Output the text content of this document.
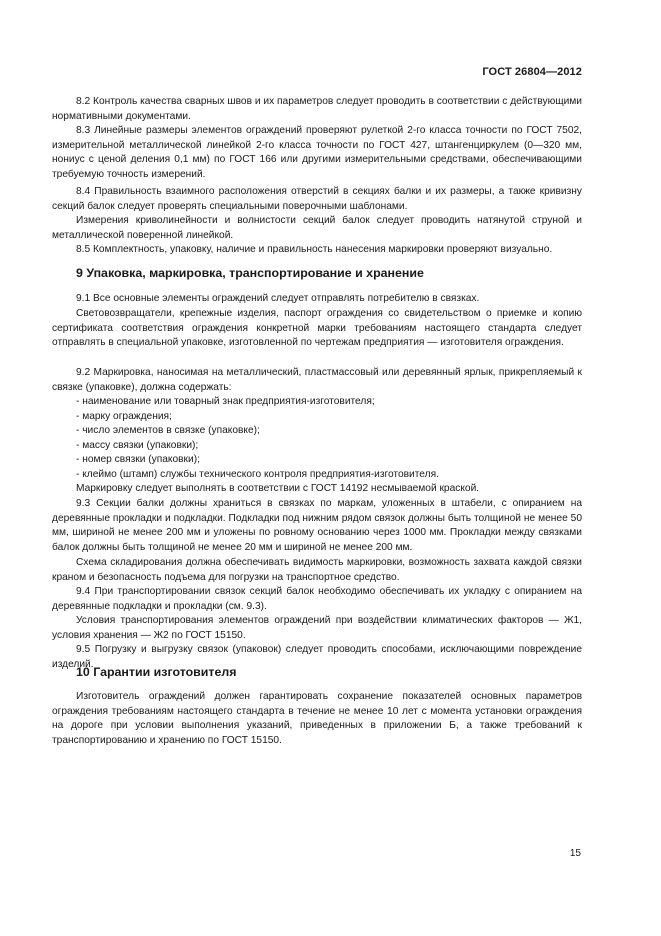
ГОСТ 26804—2012

8.2 Контроль качества сварных швов и их параметров следует проводить в соответствии с действующими нормативными документами.

8.3 Линейные размеры элементов ограждений проверяют рулеткой 2-го класса точности по ГОСТ 7502, измерительной металлической линейкой 2-го класса точности по ГОСТ 427, штангенциркулем (0—320 мм, нониус с ценой деления 0,1 мм) по ГОСТ 166 или другими измерительными средствами, обеспечивающими требуемую точность измерений.

8.4 Правильность взаимного расположения отверстий в секциях балки и их размеры, а также кривизну секций балок следует проверять специальными поверочными шаблонами.

Измерения криволинейности и волнистости секций балок следует проводить натянутой струной и металлической поверенной линейкой.

8.5 Комплектность, упаковку, наличие и правильность нанесения маркировки проверяют визуально.

9 Упаковка, маркировка, транспортирование и хранение

9.1 Все основные элементы ограждений следует отправлять потребителю в связках.

Световозвращатели, крепежные изделия, паспорт ограждения со свидетельством о приемке и копию сертификата соответствия ограждения конкретной марки требованиям настоящего стандарта следует отправлять в специальной упаковке, изготовленной по чертежам предприятия — изготовителя ограждения.

9.2 Маркировка, наносимая на металлический, пластмассовый или деревянный ярлык, прикрепляемый к связке (упаковке), должна содержать:

- наименование или товарный знак предприятия-изготовителя;

- марку ограждения;

- число элементов в связке (упаковке);

- массу связки (упаковки);

- номер связки (упаковки);

- клеймо (штамп) службы технического контроля предприятия-изготовителя.

Маркировку следует выполнять в соответствии с ГОСТ 14192 несмываемой краской.

9.3 Секции балки должны храниться в связках по маркам, уложенных в штабели, с опиранием на деревянные прокладки и подкладки. Подкладки под нижним рядом связок должны быть толщиной не менее 50 мм, шириной не менее 200 мм и уложены по ровному основанию через 1000 мм. Прокладки между связками балок должны быть толщиной не менее 20 мм и шириной не менее 200 мм.

Схема складирования должна обеспечивать видимость маркировки, возможность захвата каждой связки краном и безопасность подъема для погрузки на транспортное средство.

9.4 При транспортировании связок секций балок необходимо обеспечивать их укладку с опиранием на деревянные подкладки и прокладки (см. 9.3).

Условия транспортирования элементов ограждений при воздействии климатических факторов — Ж1, условия хранения — Ж2 по ГОСТ 15150.

9.5 Погрузку и выгрузку связок (упаковок) следует проводить способами, исключающими повреждение изделий.

10 Гарантии изготовителя

Изготовитель ограждений должен гарантировать сохранение показателей основных параметров ограждения требованиям настоящего стандарта в течение не менее 10 лет с момента установки ограждения на дороге при условии выполнения указаний, приведенных в приложении Б, а также требований к транспортированию и хранению по ГОСТ 15150.

15
